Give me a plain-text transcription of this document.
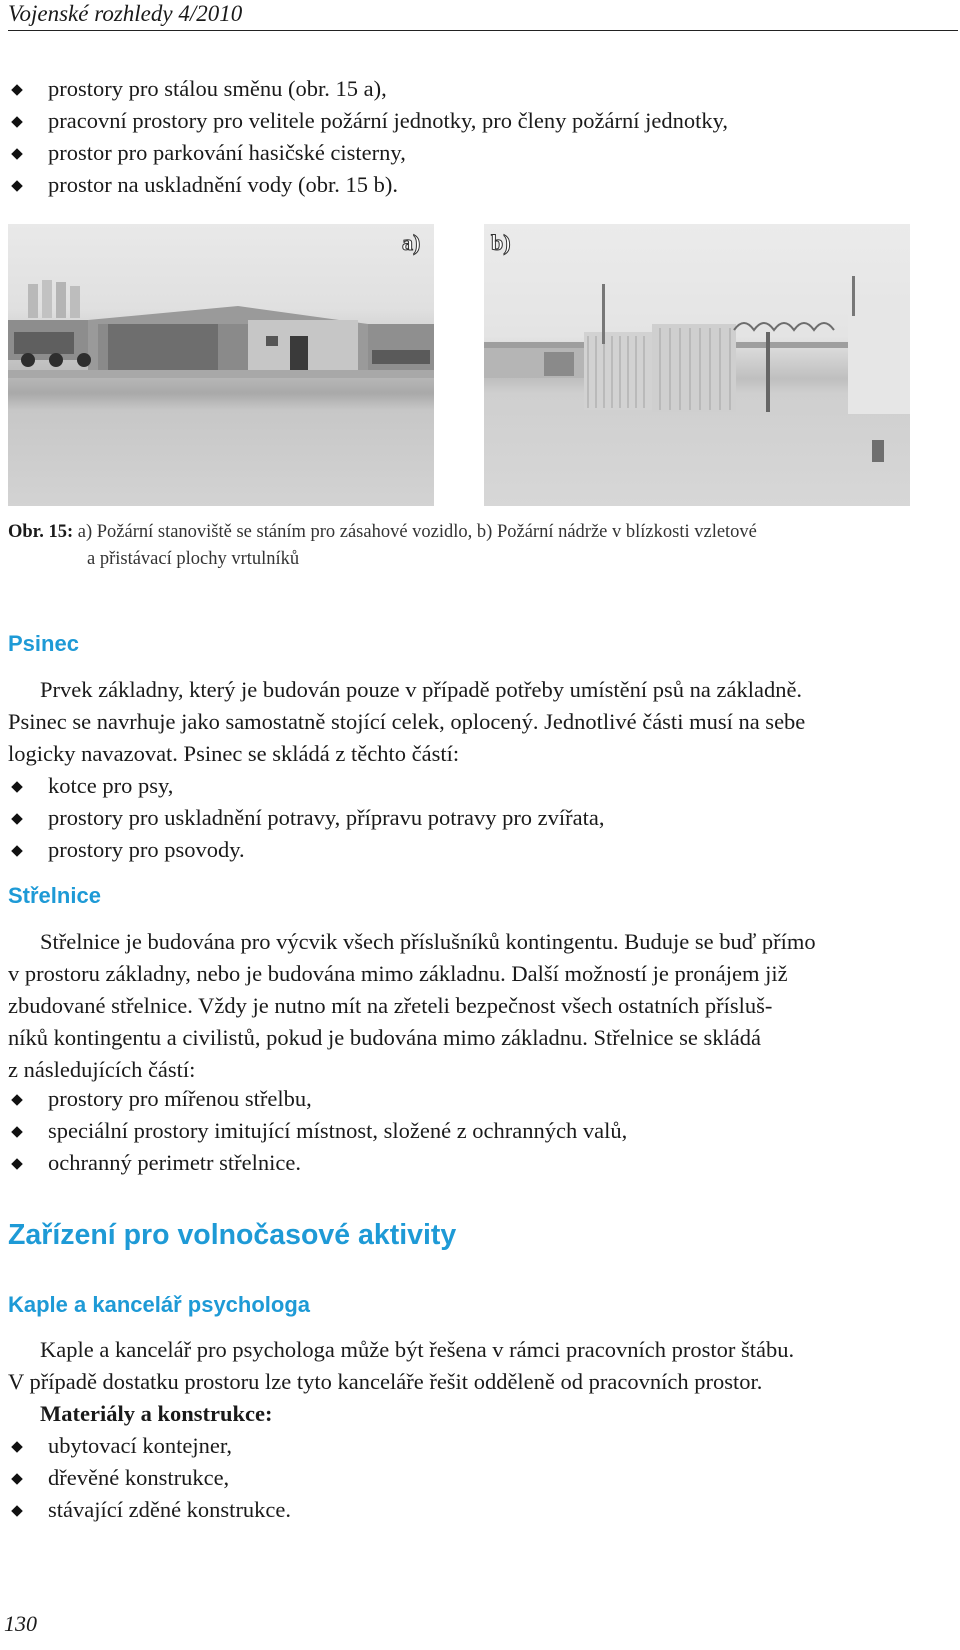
Vojenské rozhledy 4/2010
prostory pro stálou směnu (obr. 15 a),
pracovní prostory pro velitele požární jednotky, pro členy požární jednotky,
prostor pro parkování hasičské cisterny,
prostor na uskladnění vody (obr. 15 b).
a)	b)
Obr. 15: a) Požární stanoviště se stáním pro zásahové vozidlo, b) Požární nádrže v blízkosti vzletové
a přistávací plochy vrtulníků
Psinec
Prvek základny, který je budován pouze v případě potřeby umístění psů na základně.
Psinec se navrhuje jako samostatně stojící celek, oplocený. Jednotlivé části musí na sebe
logicky navazovat. Psinec se skládá z těchto částí:
kotce pro psy,
prostory pro uskladnění potravy, přípravu potravy pro zvířata,
prostory pro psovody.
Střelnice
Střelnice je budována pro výcvik všech příslušníků kontingentu. Buduje se buď přímo
v prostoru základny, nebo je budována mimo základnu. Další možností je pronájem již
zbudované střelnice. Vždy je nutno mít na zřeteli bezpečnost všech ostatních přísluš-
níků kontingentu a civilistů, pokud je budována mimo základnu. Střelnice se skládá
z následujících částí:
prostory pro mířenou střelbu,
speciální prostory imitující místnost, složené z ochranných valů,
ochranný perimetr střelnice.
Zařízení pro volnočasové aktivity
Kaple a kancelář psychologa
Kaple a kancelář pro psychologa může být řešena v rámci pracovních prostor štábu.
V případě dostatku prostoru lze tyto kanceláře řešit odděleně od pracovních prostor.
Materiály a konstrukce:
ubytovací kontejner,
dřevěné konstrukce,
stávající zděné konstrukce.
130
